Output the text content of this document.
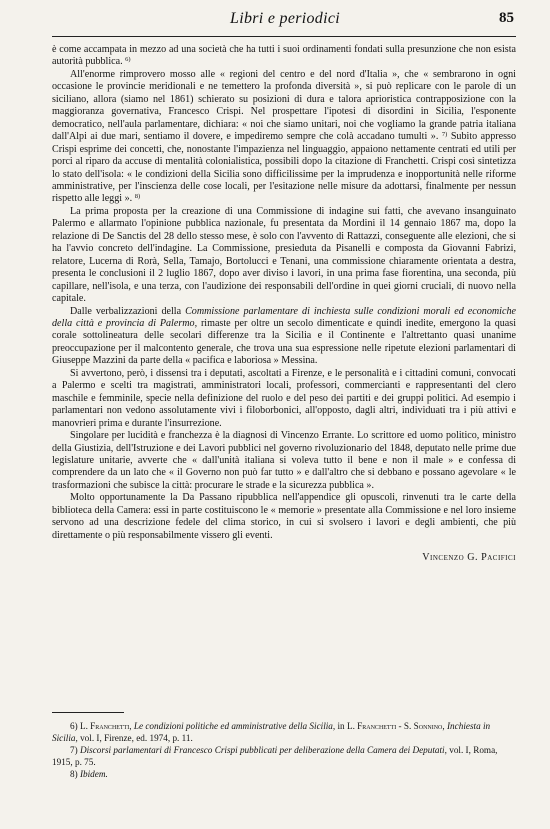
Libri e periodici	85

è come accampata in mezzo ad una società che ha tutti i suoi ordinamenti fondati sulla presunzione che non esista autorità pubblica. $^{6)}$

All'enorme rimprovero mosso alle « regioni del centro e del nord d'Italia », che « sembrarono in ogni occasione le provincie meridionali e ne temettero la profonda diversità », si può replicare con le parole di un siciliano, allora (siamo nel 1861) schierato su posizioni di dura e talora aprioristica contrapposizione con la maggioranza governativa, Francesco Crispi. Nel prospettare l'ipotesi di disordini in Sicilia, l'esponente democratico, nell'aula parlamentare, dichiara: « noi che siamo unitari, noi che vogliamo la grande patria italiana dall'Alpi ai due mari, sentiamo il dovere, e impediremo sempre che colà accadano tumulti ». $^{7)}$ Subito appresso Crispi esprime dei concetti, che, nonostante l'impazienza nel linguaggio, appaiono nettamente centrati ed utili per porci al riparo da accuse di mentalità colonialistica, possibili dopo la citazione di Franchetti. Crispi così sintetizza lo stato dell'isola: « le condizioni della Sicilia sono difficilissime per la imprudenza e inopportunità nelle riforme amministrative, per l'inscienza delle cose locali, per l'esitazione nelle misure da adottarsi, finalmente per nessun rispetto alle leggi ». $^{8)}$

La prima proposta per la creazione di una Commissione di indagine sui fatti, che avevano insanguinato Palermo e allarmato l'opinione pubblica nazionale, fu presentata da Mordini il 14 gennaio 1867 ma, dopo la relazione di De Sanctis del 28 dello stesso mese, è solo con l'avvento di Rattazzi, conseguente alle elezioni, che si ha l'avvio concreto dell'indagine. La Commissione, presieduta da Pisanelli e composta da Giovanni Fabrizi, relatore, Lucerna di Rorà, Sella, Tamajo, Bortolucci e Tenani, una commissione chiaramente orientata a destra, presenta le conclusioni il 2 luglio 1867, dopo aver diviso i lavori, in una prima fase fiorentina, una seconda, più capillare, nell'isola, e una terza, con l'audizione dei responsabili dell'ordine in quei giorni cruciali, di nuovo nella capitale.

Dalle verbalizzazioni della Commissione parlamentare di inchiesta sulle condizioni morali ed economiche della città e provincia di Palermo, rimaste per oltre un secolo dimenticate e quindi inedite, emergono la quasi corale sottolineatura delle secolari differenze tra la Sicilia e il Continente e l'altrettanto quasi unanime preoccupazione per il malcontento generale, che trova una sua espressione nelle ripetute elezioni parlamentari di Giuseppe Mazzini da parte della « pacifica e laboriosa » Messina.

Si avvertono, però, i dissensi tra i deputati, ascoltati a Firenze, e le personalità e i cittadini comuni, convocati a Palermo e scelti tra magistrati, amministratori locali, professori, commercianti e rappresentanti del clero maschile e femminile, specie nella definizione del ruolo e del peso dei partiti e dei gruppi politici. Ad esempio i parlamentari non vedono assolutamente vivi i filoborbonici, all'opposto, dagli altri, individuati tra i più attivi e manovrieri prima e durante l'insurrezione.

Singolare per lucidità e franchezza è la diagnosi di Vincenzo Errante. Lo scrittore ed uomo politico, ministro della Giustizia, dell'Istruzione e dei Lavori pubblici nel governo rivoluzionario del 1848, deputato nelle prime due legislature unitarie, avverte che « dall'unità italiana si voleva tutto il bene e non il male » e confessa di comprendere da un lato che « il Governo non può far tutto » e dall'altro che si debbano e possano agevolare « le trasformazioni che subisce la città: procurare le strade e la sicurezza pubblica ».

Molto opportunamente la Da Passano ripubblica nell'appendice gli opuscoli, rinvenuti tra le carte della biblioteca della Camera: essi in parte costituiscono le « memorie » presentate alla Commissione e nel loro insieme servono ad una descrizione fedele del clima storico, in cui si svolsero i lavori e degli ambienti, che più direttamente o più responsabilmente vissero gli eventi.

Vincenzo G. Pacifici

6) L. Franchetti, Le condizioni politiche ed amministrative della Sicilia, in L. Franchetti - S. Sonnino, Inchiesta in Sicilia, vol. I, Firenze, ed. 1974, p. 11.

7) Discorsi parlamentari di Francesco Crispi pubblicati per deliberazione della Camera dei Deputati, vol. I, Roma, 1915, p. 75.

8) Ibidem.
